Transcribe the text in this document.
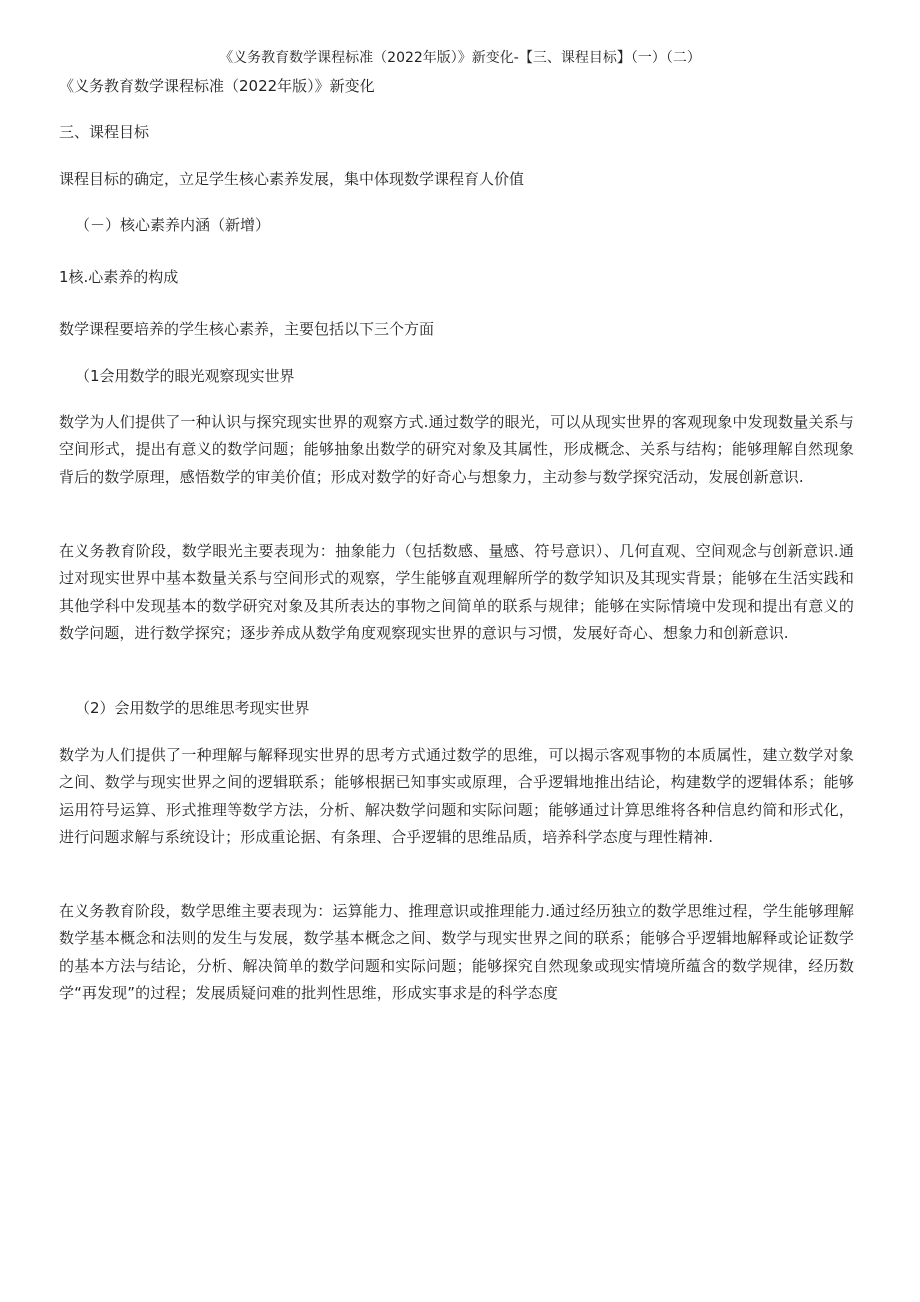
《义务教育数学课程标准（2022年版）》新变化-【三、课程目标】（一）（二）

《义务教育数学课程标准（2022年版）》新变化

三、课程目标

课程目标的确定，立足学生核心素养发展，集中体现数学课程育人价值

（－）核心素养内涵（新增）

1核.心素养的构成

数学课程要培养的学生核心素养，主要包括以下三个方面

（1会用数学的眼光观察现实世界

数学为人们提供了一种认识与探究现实世界的观察方式.通过数学的眼光，可以从现实世界的客观现象中发现数量关系与空间形式，提出有意义的数学问题；能够抽象出数学的研究对象及其属性，形成概念、关系与结构；能够理解自然现象背后的数学原理，感悟数学的审美价值；形成对数学的好奇心与想象力，主动参与数学探究活动，发展创新意识.

在义务教育阶段，数学眼光主要表现为：抽象能力（包括数感、量感、符号意识）、几何直观、空间观念与创新意识.通过对现实世界中基本数量关系与空间形式的观察，学生能够直观理解所学的数学知识及其现实背景；能够在生活实践和其他学科中发现基本的数学研究对象及其所表达的事物之间简单的联系与规律；能够在实际情境中发现和提出有意义的数学问题，进行数学探究；逐步养成从数学角度观察现实世界的意识与习惯，发展好奇心、想象力和创新意识.

（2）会用数学的思维思考现实世界

数学为人们提供了一种理解与解释现实世界的思考方式通过数学的思维，可以揭示客观事物的本质属性，建立数学对象之间、数学与现实世界之间的逻辑联系；能够根据已知事实或原理，合乎逻辑地推出结论，构建数学的逻辑体系；能够运用符号运算、形式推理等数学方法，分析、解决数学问题和实际问题；能够通过计算思维将各种信息约简和形式化，进行问题求解与系统设计；形成重论据、有条理、合乎逻辑的思维品质，培养科学态度与理性精神.

在义务教育阶段，数学思维主要表现为：运算能力、推理意识或推理能力.通过经历独立的数学思维过程，学生能够理解数学基本概念和法则的发生与发展，数学基本概念之间、数学与现实世界之间的联系；能够合乎逻辑地解释或论证数学的基本方法与结论，分析、解决简单的数学问题和实际问题；能够探究自然现象或现实情境所蕴含的数学规律，经历数学“再发现”的过程；发展质疑问难的批判性思维，形成实事求是的科学态度
